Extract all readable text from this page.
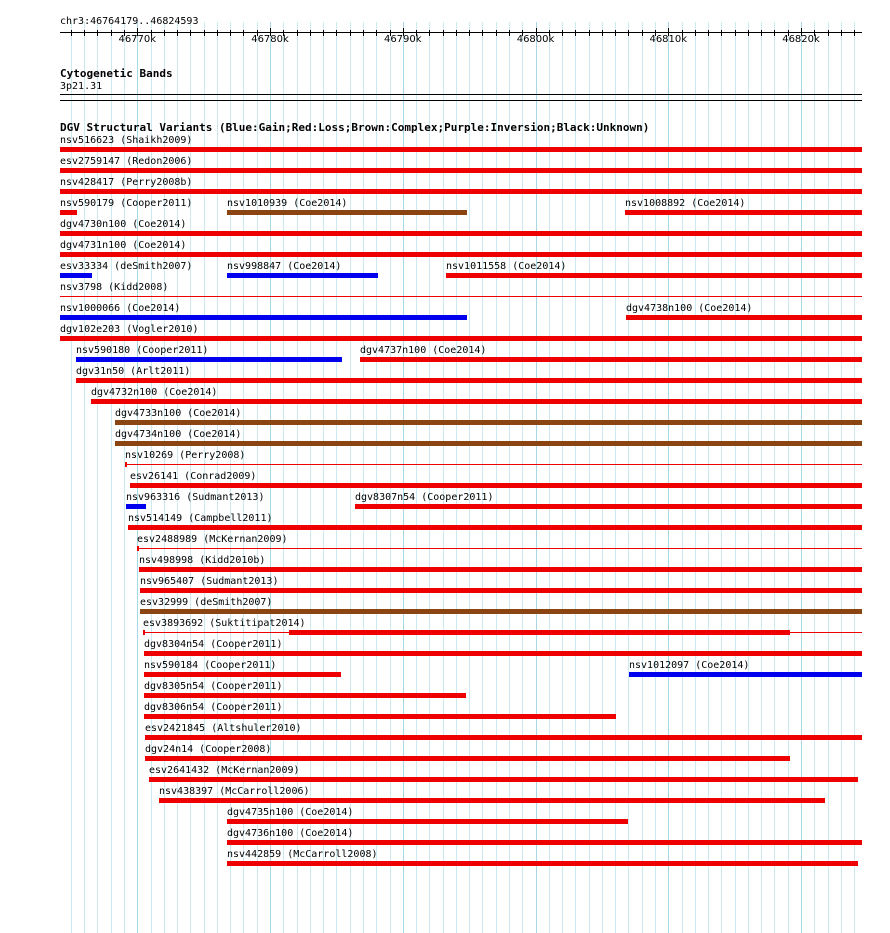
chr3:46764179..46824593
46770k	46780k	46790k	46800k	46810k	46820k
Cytogenetic Bands
3p21.31
DGV Structural Variants (Blue:Gain;Red:Loss;Brown:Complex;Purple:Inversion;Black:Unknown)
nsv516623 (Shaikh2009)
esv2759147 (Redon2006)
nsv428417 (Perry2008b)
nsv590179 (Cooper2011)	nsv1010939 (Coe2014)	nsv1008892 (Coe2014)
dgv4730n100 (Coe2014)
dgv4731n100 (Coe2014)
esv33334 (deSmith2007)	nsv998847 (Coe2014)	nsv1011558 (Coe2014)
nsv3798 (Kidd2008)
nsv1000066 (Coe2014)	dgv4738n100 (Coe2014)
dgv102e203 (Vogler2010)
nsv590180 (Cooper2011)	dgv4737n100 (Coe2014)
dgv31n50 (Arlt2011)
dgv4732n100 (Coe2014)
dgv4733n100 (Coe2014)
dgv4734n100 (Coe2014)
nsv10269 (Perry2008)
esv26141 (Conrad2009)
nsv963316 (Sudmant2013)	dgv8307n54 (Cooper2011)
nsv514149 (Campbell2011)
esv2488989 (McKernan2009)
nsv498998 (Kidd2010b)
nsv965407 (Sudmant2013)
esv32999 (deSmith2007)
esv3893692 (Suktitipat2014)
dgv8304n54 (Cooper2011)
nsv590184 (Cooper2011)	nsv1012097 (Coe2014)
dgv8305n54 (Cooper2011)
dgv8306n54 (Cooper2011)
esv2421845 (Altshuler2010)
dgv24n14 (Cooper2008)
esv2641432 (McKernan2009)
nsv438397 (McCarroll2006)
dgv4735n100 (Coe2014)
dgv4736n100 (Coe2014)
nsv442859 (McCarroll2008)
